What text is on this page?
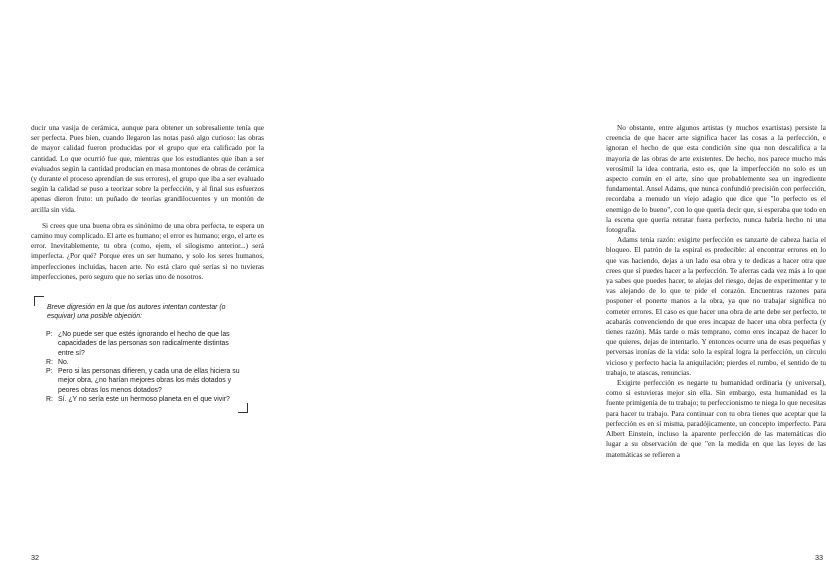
ducir una vasija de cerámica, aunque para obtener un sobresaliente tenía que ser perfecta. Pues bien, cuando llegaron las notas pasó algo curioso: las obras de mayor calidad fueron producidas por el grupo que era calificado por la cantidad. Lo que ocurrió fue que, mientras que los estudiantes que iban a ser evaluados según la cantidad producían en masa montones de obras de cerámica (y durante el proceso aprendían de sus errores), el grupo que iba a ser evaluado según la calidad se puso a teorizar sobre la perfección, y al final sus esfuerzos apenas dieron fruto: un puñado de teorías grandilocuentes y un montón de arcilla sin vida.

Si crees que una buena obra es sinónimo de una obra perfecta, te espera un camino muy complicado. El arte es humano; el error es humano; ergo, el arte es error. Inevitablemente, tu obra (como, ejem, el silogismo anterior...) será imperfecta. ¿Por qué? Porque eres un ser humano, y solo los seres humanos, imperfecciones incluidas, hacen arte. No está claro qué serías si no tuvieras imperfecciones, pero seguro que no serías uno de nosotros.

Breve digresión en la que los autores intentan contestar (o esquivar) una posible objeción:

P: ¿No puede ser que estés ignorando el hecho de que las capacidades de las personas son radicalmente distintas entre sí?
R: No.
P: Pero si las personas difieren, y cada una de ellas hiciera su mejor obra, ¿no harían mejores obras los más dotados y peores obras los menos dotados?
R: Sí. ¿Y no sería este un hermoso planeta en el que vivir?
32

No obstante, entre algunos artistas (y muchos exartistas) persiste la creencia de que hacer arte significa hacer las cosas a la perfección, e ignoran el hecho de que esta condición sine qua non descalifica a la mayoría de las obras de arte existentes. De hecho, nos parece mucho más verosímil la idea contraria, esto es, que la imperfección no solo es un aspecto común en el arte, sino que probablemente sea un ingrediente fundamental. Ansel Adams, que nunca confundió precisión con perfección, recordaba a menudo un viejo adagio que dice que "lo perfecto es el enemigo de lo bueno", con lo que quería decir que, si esperaba que todo en la escena que quería retratar fuera perfecto, nunca habría hecho ni una fotografía.

Adams tenía razón: exigirte perfección es tanzarte de cabeza hacia el bloqueo. El patrón de la espiral es predecible: al encontrar errores en lo que vas haciendo, dejas a un lado esa obra y te dedicas a hacer otra que crees que sí puedes hacer a la perfección. Te aferras cada vez más a lo que ya sabes que puedes hacer, te alejas del riesgo, dejas de experimentar y te vas alejando de lo que te pide el corazón. Encuentras razones para posponer el ponerte manos a la obra, ya que no trabajar significa no cometer errores. El caso es que hacer una obra de arte debe ser perfecto, te acabarás convenciendo de que eres incapaz de hacer una obra perfecta (y tienes razón). Más tarde o más temprano, como eres incapaz de hacer lo que quieres, dejas de intentarlo. Y entonces ocurre una de esas pequeñas y perversas ironías de la vida: solo la espiral logra la perfección, un círculo vicioso y perfecto hacia la aniquilación; pierdes el rumbo, el sentido de tu trabajo, te atascas, renuncias.

Exigirte perfección es negarte tu humanidad ordinaria (y universal), como si estuvieras mejor sin ella. Sin embargo, esta humanidad es la fuente primigenia de tu trabajo; tu perfeccionismo te niega lo que necesitas para hacer tu trabajo. Para continuar con tu obra tienes que aceptar que la perfección es en sí misma, paradójicamente, un concepto imperfecto. Para Albert Einstein, incluso la aparente perfección de las matemáticas dio lugar a su observación de que "en la medida en que las leyes de las matemáticas se refieren a

33
